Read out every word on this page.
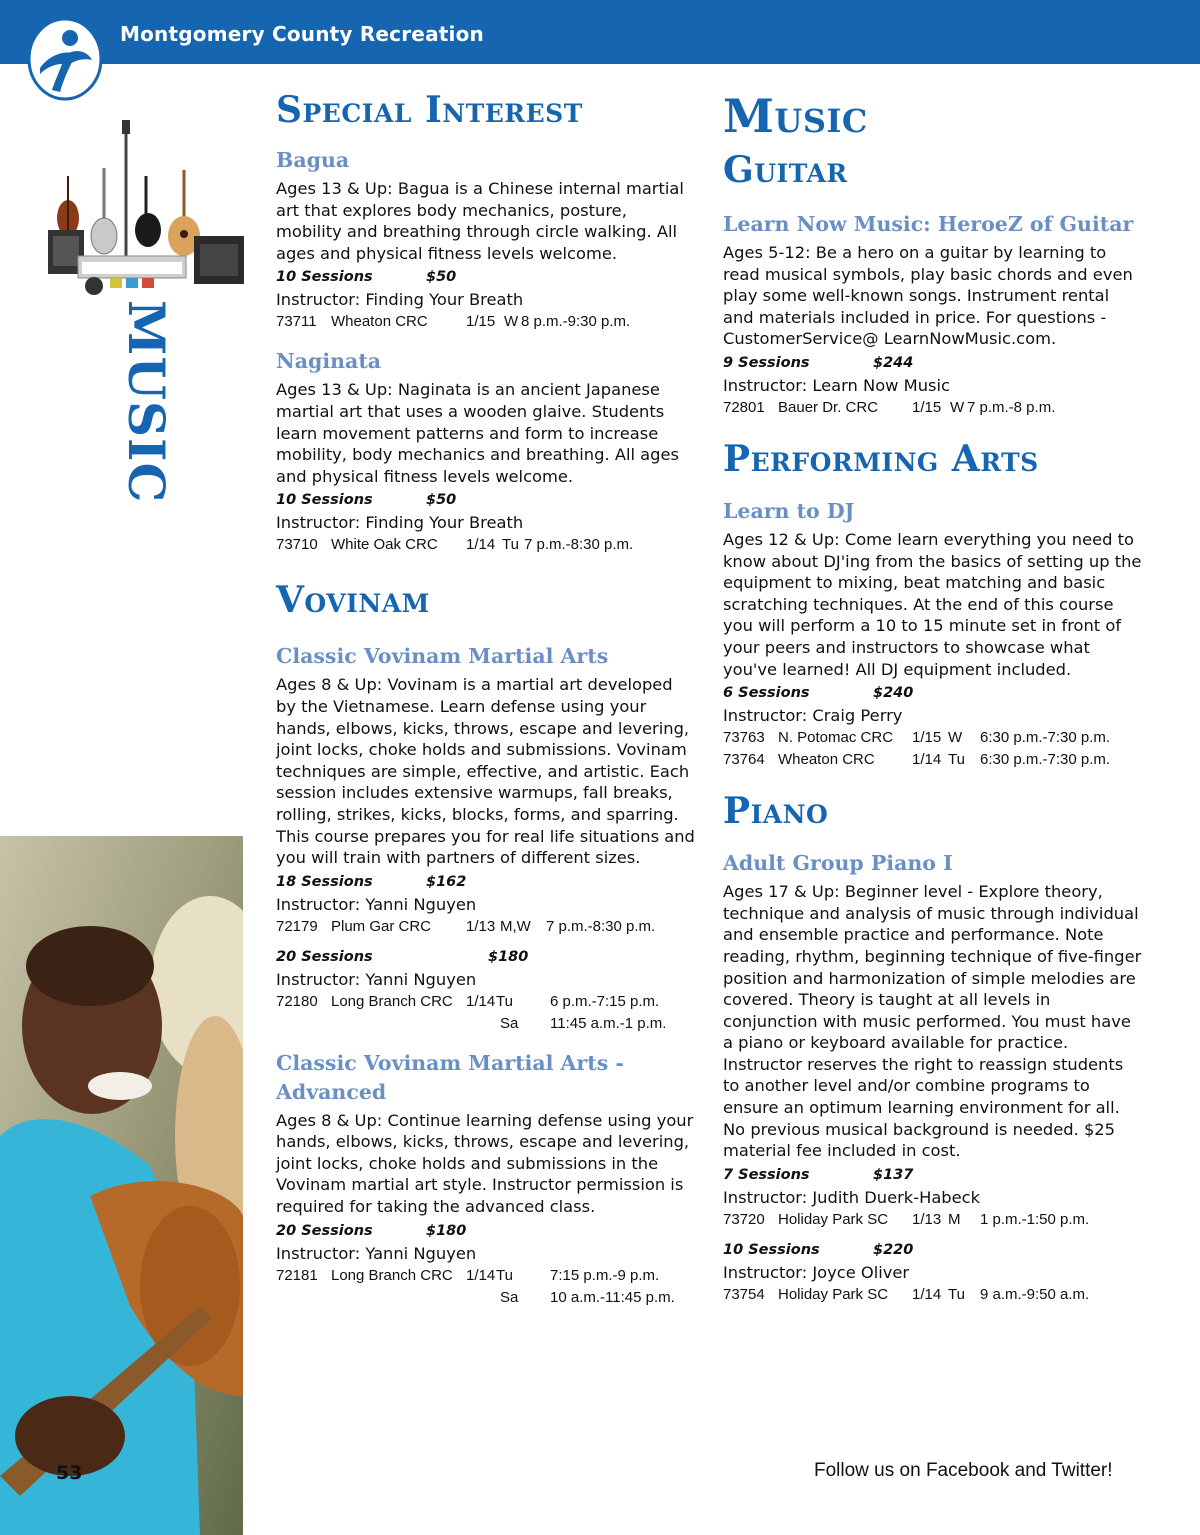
Montgomery County Recreation
MUSIC
Special Interest
Bagua
Ages 13 & Up: Bagua is a Chinese internal martial art that explores body mechanics, posture, mobility and breathing through circle walking. All ages and physical fitness levels welcome.
10 Sessions	$50
Instructor: Finding Your Breath
73711 Wheaton CRC	1/15 W 8 p.m.-9:30 p.m.
Naginata
Ages 13 & Up: Naginata is an ancient Japanese martial art that uses a wooden glaive. Students learn movement patterns and form to increase mobility, body mechanics and breathing. All ages and physical fitness levels welcome.
10 Sessions	$50
Instructor: Finding Your Breath
73710 White Oak CRC	1/14 Tu 7 p.m.-8:30 p.m.
Vovinam
Classic Vovinam Martial Arts
Ages 8 & Up: Vovinam is a martial art developed by the Vietnamese. Learn defense using your hands, elbows, kicks, throws, escape and levering, joint locks, choke holds and submissions. Vovinam techniques are simple, effective, and artistic. Each session includes extensive warmups, fall breaks, rolling, strikes, kicks, blocks, forms, and sparring. This course prepares you for real life situations and you will train with partners of different sizes.
18 Sessions	$162
Instructor: Yanni Nguyen
72179 Plum Gar CRC	1/13 M,W	7 p.m.-8:30 p.m.
20 Sessions	$180
Instructor: Yanni Nguyen
72180 Long Branch CRC 1/14 Tu	6 p.m.-7:15 p.m.
Sa	11:45 a.m.-1 p.m.
Classic Vovinam Martial Arts - Advanced
Ages 8 & Up: Continue learning defense using your hands, elbows, kicks, throws, escape and levering, joint locks, choke holds and submissions in the Vovinam martial art style. Instructor permission is required for taking the advanced class.
20 Sessions	$180
Instructor: Yanni Nguyen
72181 Long Branch CRC 1/14 Tu	7:15 p.m.-9 p.m.
Sa	10 a.m.-11:45 p.m.
Music
Guitar
Learn Now Music: HeroeZ of Guitar
Ages 5-12: Be a hero on a guitar by learning to read musical symbols, play basic chords and even play some well-known songs. Instrument rental and materials included in price. For questions - CustomerService@ LearnNowMusic.com.
9 Sessions	$244
Instructor: Learn Now Music
72801 Bauer Dr. CRC	1/15 W 7 p.m.-8 p.m.
Performing Arts
Learn to DJ
Ages 12 & Up: Come learn everything you need to know about DJ'ing from the basics of setting up the equipment to mixing, beat matching and basic scratching techniques. At the end of this course you will perform a 10 to 15 minute set in front of your peers and instructors to showcase what you've learned! All DJ equipment included.
6 Sessions	$240
Instructor: Craig Perry
73763 N. Potomac CRC	1/15 W	6:30 p.m.-7:30 p.m.
73764 Wheaton CRC	1/14 Tu	6:30 p.m.-7:30 p.m.
Piano
Adult Group Piano I
Ages 17 & Up: Beginner level - Explore theory, technique and analysis of music through individual and ensemble practice and performance. Note reading, rhythm, beginning technique of five-finger position and harmonization of simple melodies are covered. Theory is taught at all levels in conjunction with music performed. You must have a piano or keyboard available for practice. Instructor reserves the right to reassign students to another level and/or combine programs to ensure an optimum learning environment for all. No previous musical background is needed. $25 material fee included in cost.
7 Sessions	$137
Instructor: Judith Duerk-Habeck
73720 Holiday Park SC	1/13 M	1 p.m.-1:50 p.m.
10 Sessions	$220
Instructor: Joyce Oliver
73754 Holiday Park SC	1/14 Tu	9 a.m.-9:50 a.m.
53	Follow us on Facebook and Twitter!
